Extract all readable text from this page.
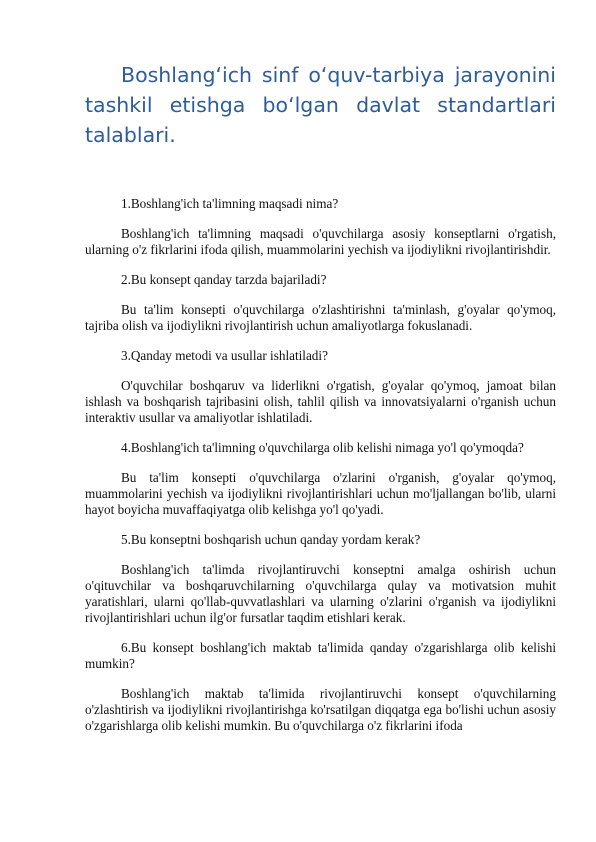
Boshlang‘ich sinf o‘quv-tarbiya jarayonini tashkil etishga bo‘lgan davlat standartlari talablari.

1.Boshlang'ich ta'limning maqsadi nima?

Boshlang'ich ta'limning maqsadi o'quvchilarga asosiy konseptlarni o'rgatish, ularning o'z fikrlarini ifoda qilish, muammolarini yechish va ijodiylikni rivojlantirishdir.

2.Bu konsept qanday tarzda bajariladi?

Bu ta'lim konsepti o'quvchilarga o'zlashtirishni ta'minlash, g'oyalar qo'ymoq, tajriba olish va ijodiylikni rivojlantirish uchun amaliyotlarga fokuslanadi.

3.Qanday metodi va usullar ishlatiladi?

O'quvchilar boshqaruv va liderlikni o'rgatish, g'oyalar qo'ymoq, jamoat bilan ishlash va boshqarish tajribasini olish, tahlil qilish va innovatsiyalarni o'rganish uchun interaktiv usullar va amaliyotlar ishlatiladi.

4.Boshlang'ich ta'limning o'quvchilarga olib kelishi nimaga yo'l qo'ymoqda?

Bu ta'lim konsepti o'quvchilarga o'zlarini o'rganish, g'oyalar qo'ymoq, muammolarini yechish va ijodiylikni rivojlantirishlari uchun mo'ljallangan bo'lib, ularni hayot boyicha muvaffaqiyatga olib kelishga yo'l qo'yadi.

5.Bu konseptni boshqarish uchun qanday yordam kerak?

Boshlang'ich ta'limda rivojlantiruvchi konseptni amalga oshirish uchun o'qituvchilar va boshqaruvchilarning o'quvchilarga qulay va motivatsion muhit yaratishlari, ularni qo'llab-quvvatlashlari va ularning o'zlarini o'rganish va ijodiylikni rivojlantirishlari uchun ilg'or fursatlar taqdim etishlari kerak.

6.Bu konsept boshlang'ich maktab ta'limida qanday o'zgarishlarga olib kelishi mumkin?

Boshlang'ich maktab ta'limida rivojlantiruvchi konsept o'quvchilarning o'zlashtirish va ijodiylikni rivojlantirishga ko'rsatilgan diqqatga ega bo'lishi uchun asosiy o'zgarishlarga olib kelishi mumkin. Bu o'quvchilarga o'z fikrlarini ifoda
